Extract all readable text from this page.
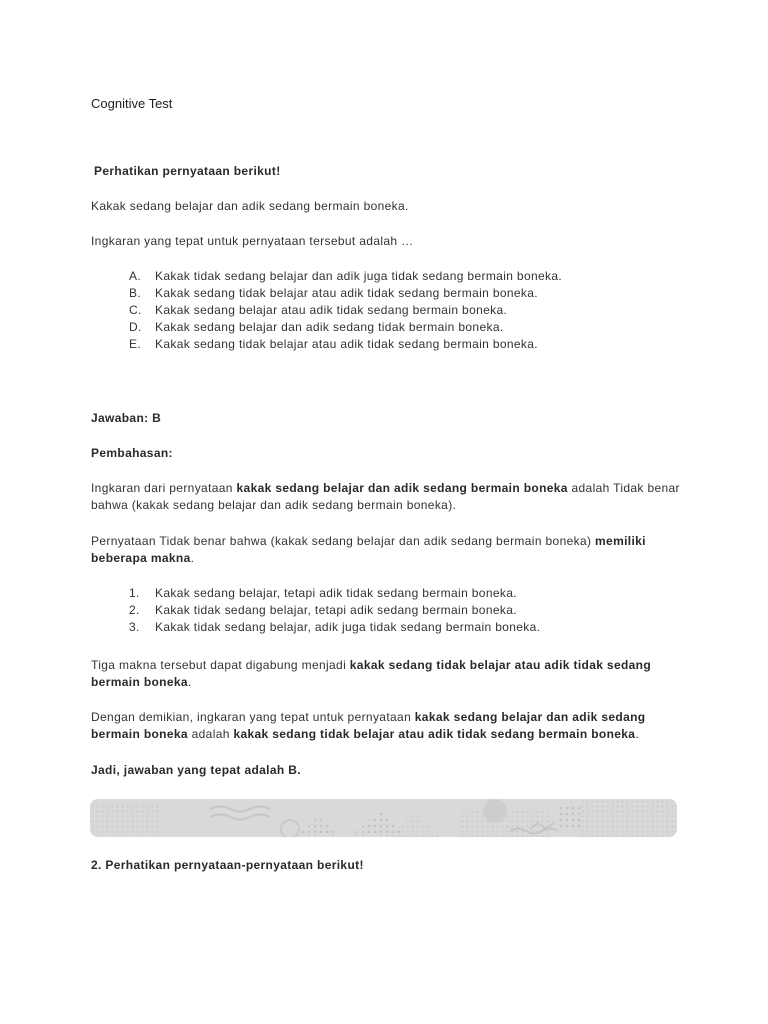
Cognitive Test

Perhatikan pernyataan berikut!

Kakak sedang belajar dan adik sedang bermain boneka.

Ingkaran yang tepat untuk pernyataan tersebut adalah …

A. Kakak tidak sedang belajar dan adik juga tidak sedang bermain boneka.
B. Kakak sedang tidak belajar atau adik tidak sedang bermain boneka.
C. Kakak sedang belajar atau adik tidak sedang bermain boneka.
D. Kakak sedang belajar dan adik sedang tidak bermain boneka.
E. Kakak sedang tidak belajar atau adik tidak sedang bermain boneka.

Jawaban: B

Pembahasan:

Ingkaran dari pernyataan kakak sedang belajar dan adik sedang bermain boneka adalah Tidak benar bahwa (kakak sedang belajar dan adik sedang bermain boneka).

Pernyataan Tidak benar bahwa (kakak sedang belajar dan adik sedang bermain boneka) memiliki beberapa makna.

1. Kakak sedang belajar, tetapi adik tidak sedang bermain boneka.
2. Kakak tidak sedang belajar, tetapi adik sedang bermain boneka.
3. Kakak tidak sedang belajar, adik juga tidak sedang bermain boneka.

Tiga makna tersebut dapat digabung menjadi kakak sedang tidak belajar atau adik tidak sedang bermain boneka.

Dengan demikian, ingkaran yang tepat untuk pernyataan kakak sedang belajar dan adik sedang bermain boneka adalah kakak sedang tidak belajar atau adik tidak sedang bermain boneka.

Jadi, jawaban yang tepat adalah B.

2. Perhatikan pernyataan-pernyataan berikut!
